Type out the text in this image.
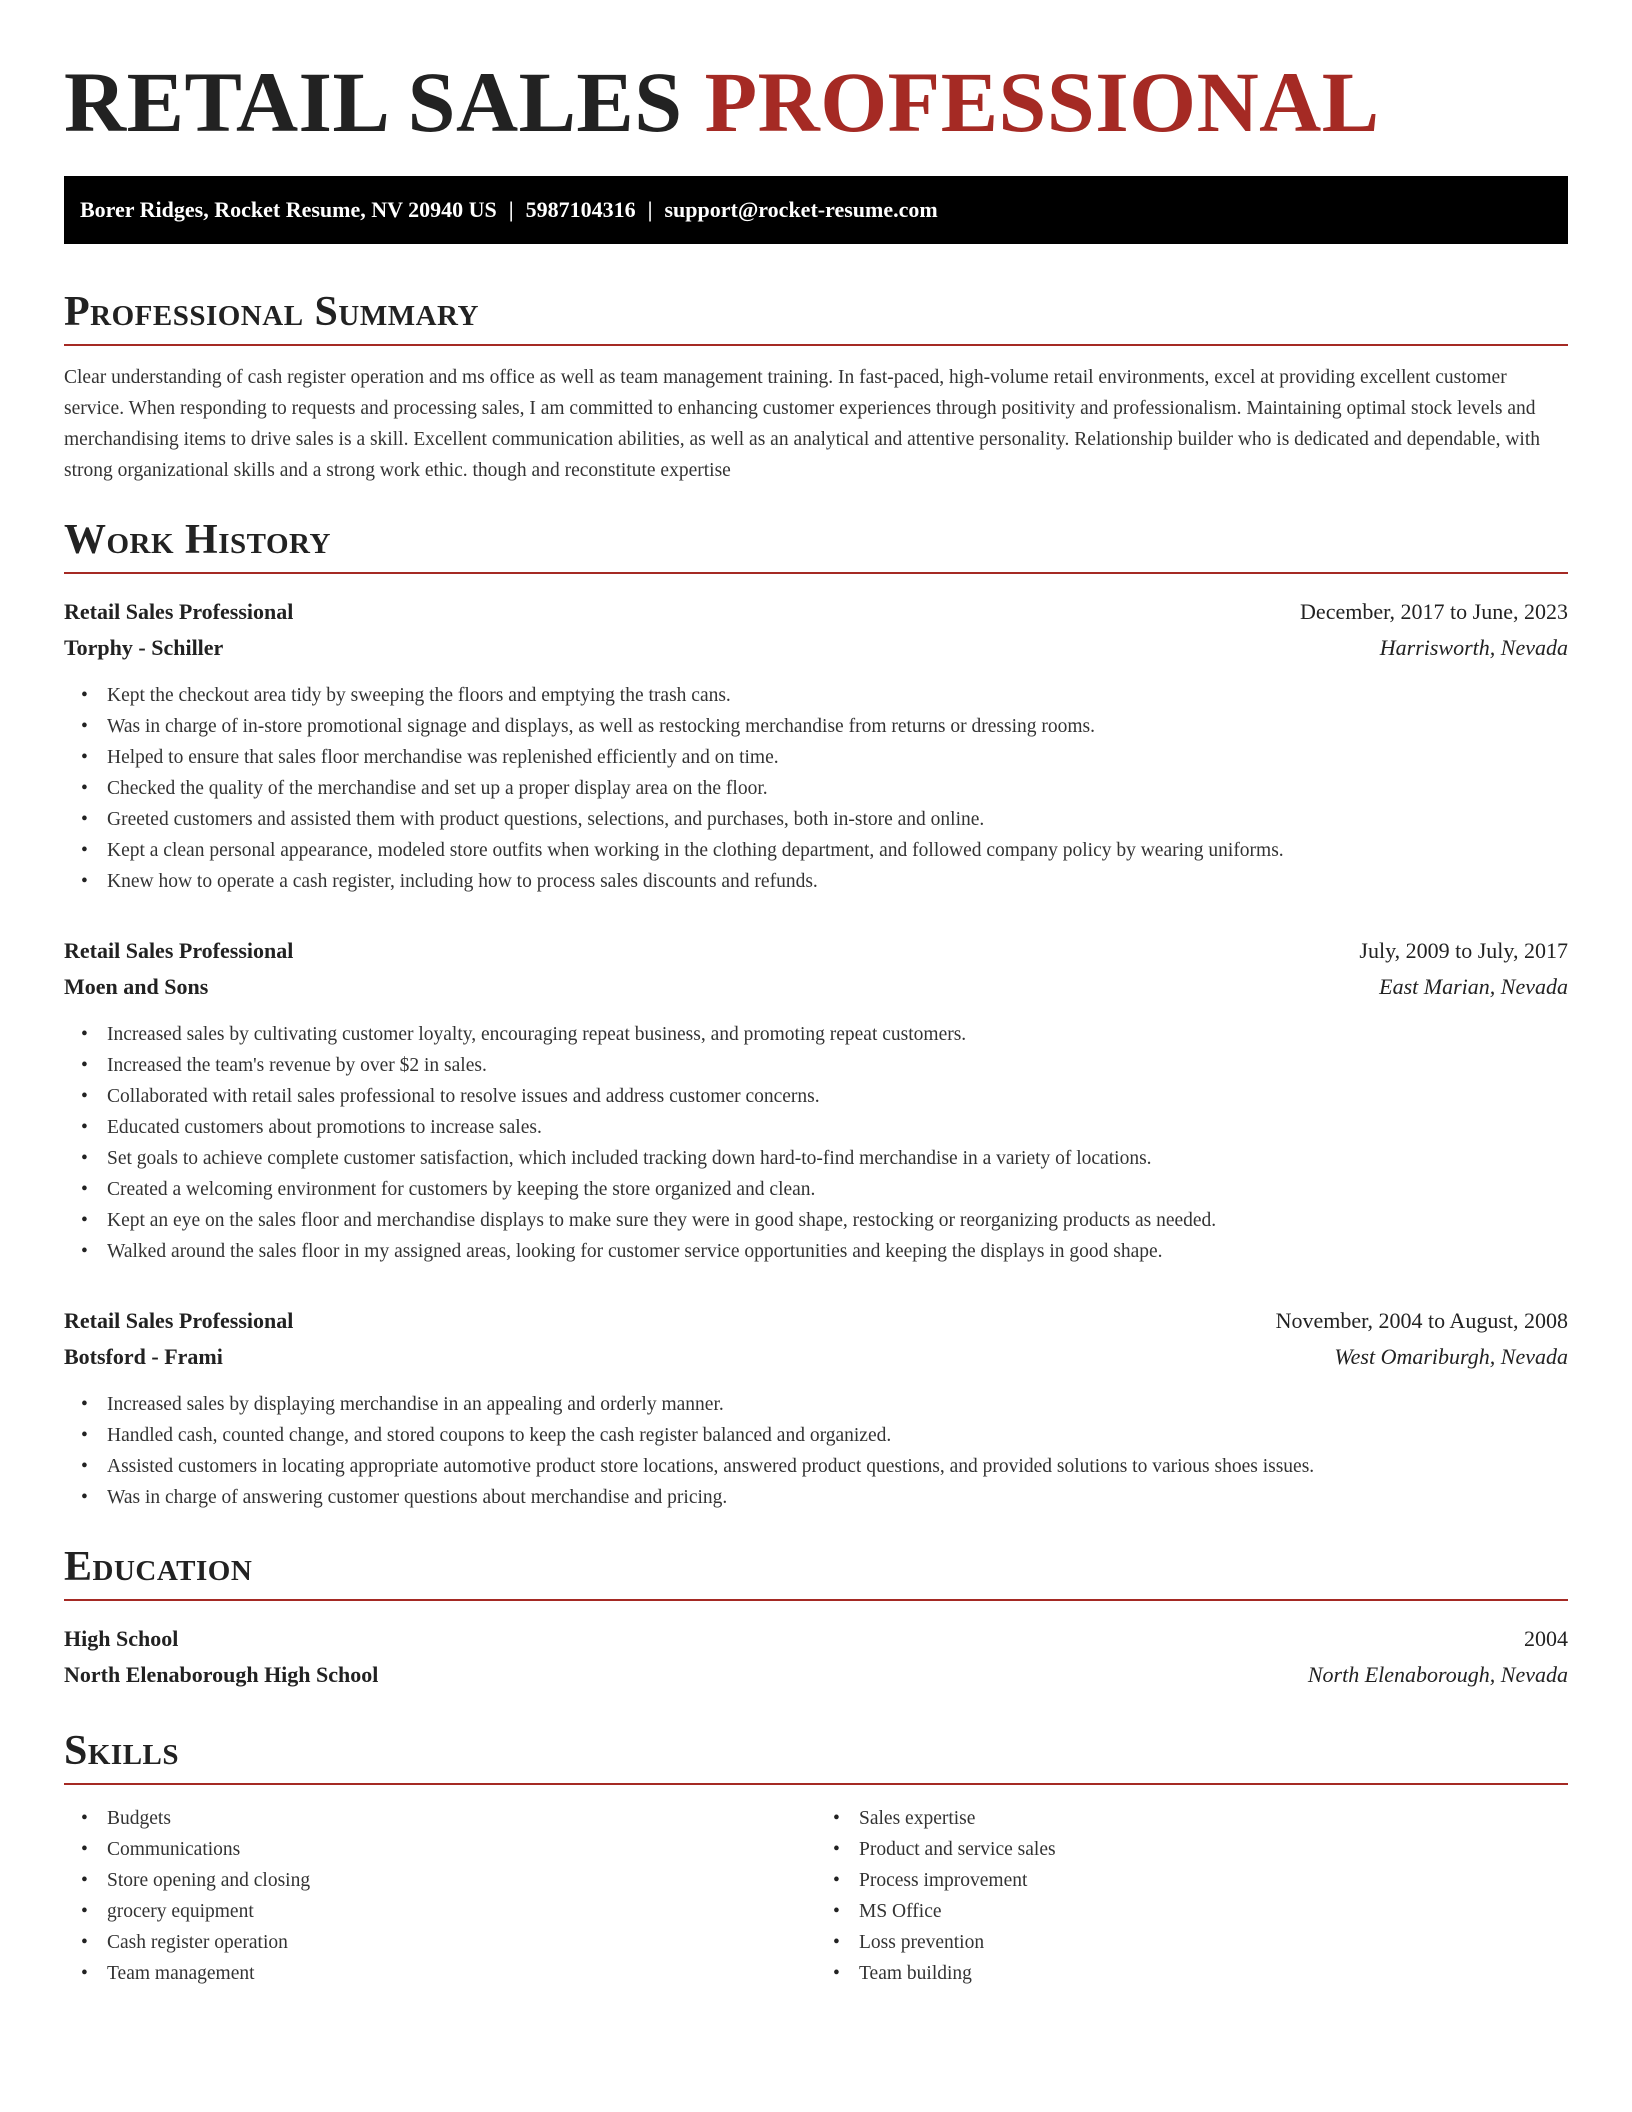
RETAIL SALES PROFESSIONAL
Borer Ridges, Rocket Resume, NV 20940 US | 5987104316 | support@rocket-resume.com
Professional Summary

Clear understanding of cash register operation and ms office as well as team management training. In fast-paced, high-volume retail environments, excel at providing excellent customer service. When responding to requests and processing sales, I am committed to enhancing customer experiences through positivity and professionalism. Maintaining optimal stock levels and merchandising items to drive sales is a skill. Excellent communication abilities, as well as an analytical and attentive personality. Relationship builder who is dedicated and dependable, with strong organizational skills and a strong work ethic. though and reconstitute expertise

Work History
Retail Sales Professional	December, 2017 to June, 2023
Torphy - Schiller	Harrisworth, Nevada
• Kept the checkout area tidy by sweeping the floors and emptying the trash cans.
• Was in charge of in-store promotional signage and displays, as well as restocking merchandise from returns or dressing rooms.
• Helped to ensure that sales floor merchandise was replenished efficiently and on time.
• Checked the quality of the merchandise and set up a proper display area on the floor.
• Greeted customers and assisted them with product questions, selections, and purchases, both in-store and online.
• Kept a clean personal appearance, modeled store outfits when working in the clothing department, and followed company policy by wearing uniforms.
• Knew how to operate a cash register, including how to process sales discounts and refunds.
Retail Sales Professional	July, 2009 to July, 2017
Moen and Sons	East Marian, Nevada
• Increased sales by cultivating customer loyalty, encouraging repeat business, and promoting repeat customers.
• Increased the team's revenue by over $2 in sales.
• Collaborated with retail sales professional to resolve issues and address customer concerns.
• Educated customers about promotions to increase sales.
• Set goals to achieve complete customer satisfaction, which included tracking down hard-to-find merchandise in a variety of locations.
• Created a welcoming environment for customers by keeping the store organized and clean.
• Kept an eye on the sales floor and merchandise displays to make sure they were in good shape, restocking or reorganizing products as needed.
• Walked around the sales floor in my assigned areas, looking for customer service opportunities and keeping the displays in good shape.
Retail Sales Professional	November, 2004 to August, 2008
Botsford - Frami	West Omariburgh, Nevada
• Increased sales by displaying merchandise in an appealing and orderly manner.
• Handled cash, counted change, and stored coupons to keep the cash register balanced and organized.
• Assisted customers in locating appropriate automotive product store locations, answered product questions, and provided solutions to various shoes issues.
• Was in charge of answering customer questions about merchandise and pricing.
Education
High School	2004
North Elenaborough High School	North Elenaborough, Nevada
Skills
• Budgets
• Communications
• Store opening and closing
• grocery equipment
• Cash register operation
• Team management
• Sales expertise
• Product and service sales
• Process improvement
• MS Office
• Loss prevention
• Team building
